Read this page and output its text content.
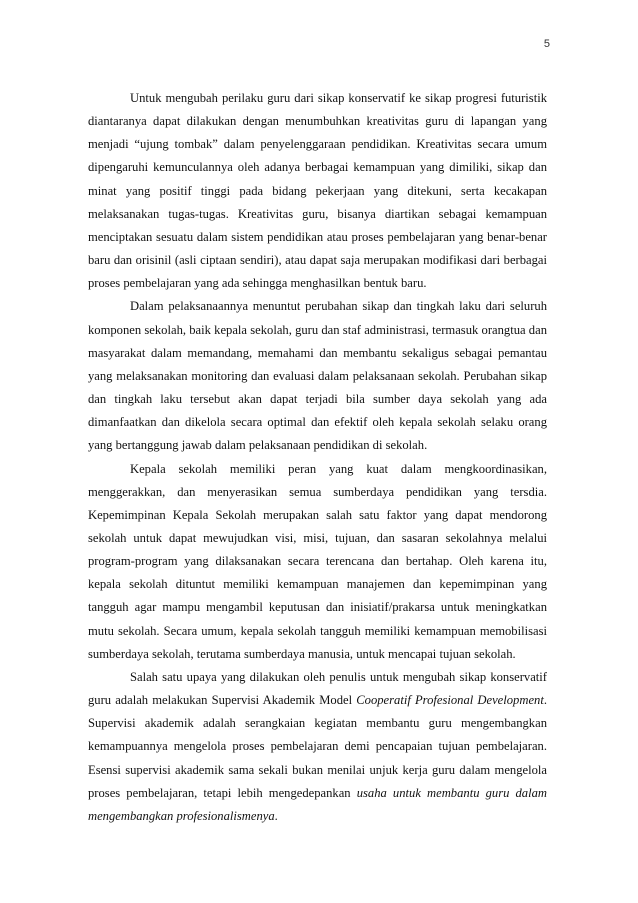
5

Untuk mengubah perilaku guru dari sikap konservatif ke sikap progresi futuristik diantaranya dapat dilakukan dengan menumbuhkan kreativitas guru di lapangan yang menjadi “ujung tombak” dalam penyelenggaraan pendidikan. Kreativitas secara umum dipengaruhi kemunculannya oleh adanya berbagai kemampuan yang dimiliki, sikap dan minat yang positif tinggi pada bidang pekerjaan yang ditekuni, serta kecakapan melaksanakan tugas-tugas. Kreativitas guru, bisanya diartikan sebagai kemampuan menciptakan sesuatu dalam sistem pendidikan atau proses pembelajaran yang benar-benar baru dan orisinil (asli ciptaan sendiri), atau dapat saja merupakan modifikasi dari berbagai proses pembelajaran yang ada sehingga menghasilkan bentuk baru.

Dalam pelaksanaannya menuntut perubahan sikap dan tingkah laku dari seluruh komponen sekolah, baik kepala sekolah, guru dan staf administrasi, termasuk orangtua dan masyarakat dalam memandang, memahami dan membantu sekaligus sebagai pemantau yang melaksanakan monitoring dan evaluasi dalam pelaksanaan sekolah. Perubahan sikap dan tingkah laku tersebut akan dapat terjadi bila sumber daya sekolah yang ada dimanfaatkan dan dikelola secara optimal dan efektif oleh kepala sekolah selaku orang yang bertanggung jawab dalam pelaksanaan pendidikan di sekolah.

Kepala sekolah memiliki peran yang kuat dalam mengkoordinasikan, menggerakkan, dan menyerasikan semua sumberdaya pendidikan yang tersdia. Kepemimpinan Kepala Sekolah merupakan salah satu faktor yang dapat mendorong sekolah untuk dapat mewujudkan visi, misi, tujuan, dan sasaran sekolahnya melalui program-program yang dilaksanakan secara terencana dan bertahap. Oleh karena itu, kepala sekolah dituntut memiliki kemampuan manajemen dan kepemimpinan yang tangguh agar mampu mengambil keputusan dan inisiatif/prakarsa untuk meningkatkan mutu sekolah. Secara umum, kepala sekolah tangguh memiliki kemampuan memobilisasi sumberdaya sekolah, terutama sumberdaya manusia, untuk mencapai tujuan sekolah.

Salah satu upaya yang dilakukan oleh penulis untuk mengubah sikap konservatif guru adalah melakukan Supervisi Akademik Model Cooperatif Profesional Development. Supervisi akademik adalah serangkaian kegiatan membantu guru mengembangkan kemampuannya mengelola proses pembelajaran demi pencapaian tujuan pembelajaran. Esensi supervisi akademik sama sekali bukan menilai unjuk kerja guru dalam mengelola proses pembelajaran, tetapi lebih mengedepankan usaha untuk membantu guru dalam mengembangkan profesionalismenya.
